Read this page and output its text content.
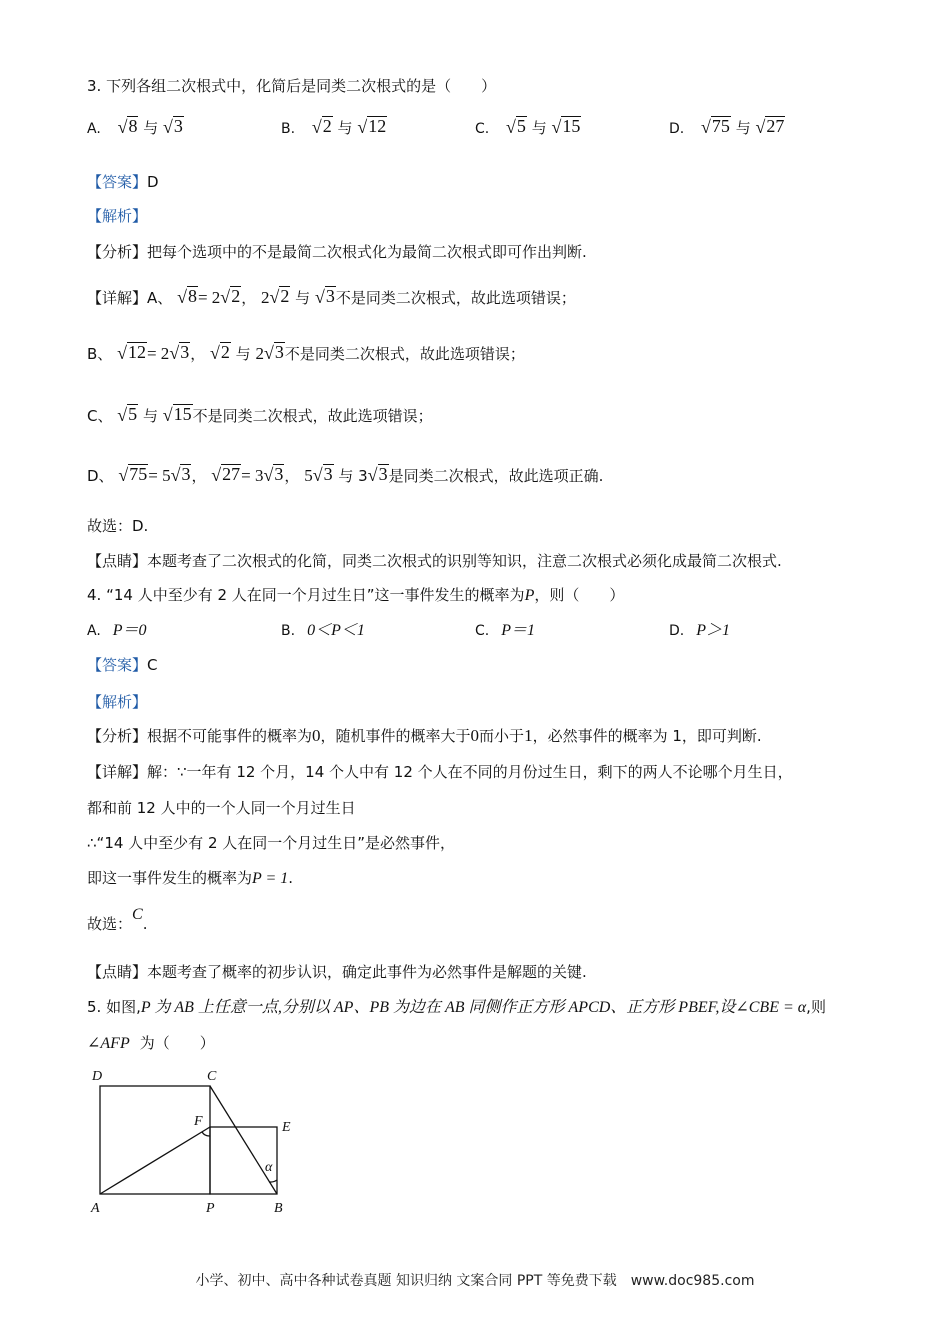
3. 下列各组二次根式中，化简后是同类二次根式的是（　　）
A. √ 8 与 √ 3	B. √ 2 与 √ 12	C. √ 5 与 √ 15	D. √ 75 与 √ 27
【答案】D
【解析】
【分析】把每个选项中的不是最简二次根式化为最简二次根式即可作出判断.
【详解】A、 √ 8 = 2 √ 2 ， 2 √ 2 与 √ 3 不是同类二次根式，故此选项错误；
B、 √ 12 = 2 √ 3 ， √ 2 与 2 √ 3 不是同类二次根式，故此选项错误；
C、 √ 5 与 √ 15 不是同类二次根式，故此选项错误；
D、 √ 75 = 5 √ 3 ， √ 27 = 3 √ 3 ， 5 √ 3 与 3 √ 3 是同类二次根式，故此选项正确.
故选：D.
【点睛】本题考查了二次根式的化简，同类二次根式的识别等知识，注意二次根式必须化成最简二次根式.
4. “14 人中至少有 2 人在同一个月过生日”这一事件发生的概率为P，则（　　）
A. P＝0	B. 0＜P＜1	C. P＝1	D. P＞1
【答案】C
【解析】
【分析】根据不可能事件的概率为0，随机事件的概率大于0而小于1，必然事件的概率为 1，即可判断.
【详解】解：∵一年有 12 个月，14 个人中有 12 个人在不同的月份过生日，剩下的两人不论哪个月生日，
都和前 12 人中的一个人同一个月过生日
∴“14 人中至少有 2 人在同一个月过生日”是必然事件，
即这一事件发生的概率为P = 1.
故选：C.
【点睛】本题考查了概率的初步认识，确定此事件为必然事件是解题的关键.
5. 如图,P 为 AB 上任意一点,分别以 AP、PB 为边在 AB 同侧作正方形 APCD、正方形 PBEF,设∠CBE = α,则
∠AFP 为（　　）
D	C
F	E
A	P	B
α
小学、初中、高中各种试卷真题 知识归纳 文案合同 PPT 等免费下载　www.doc985.com
